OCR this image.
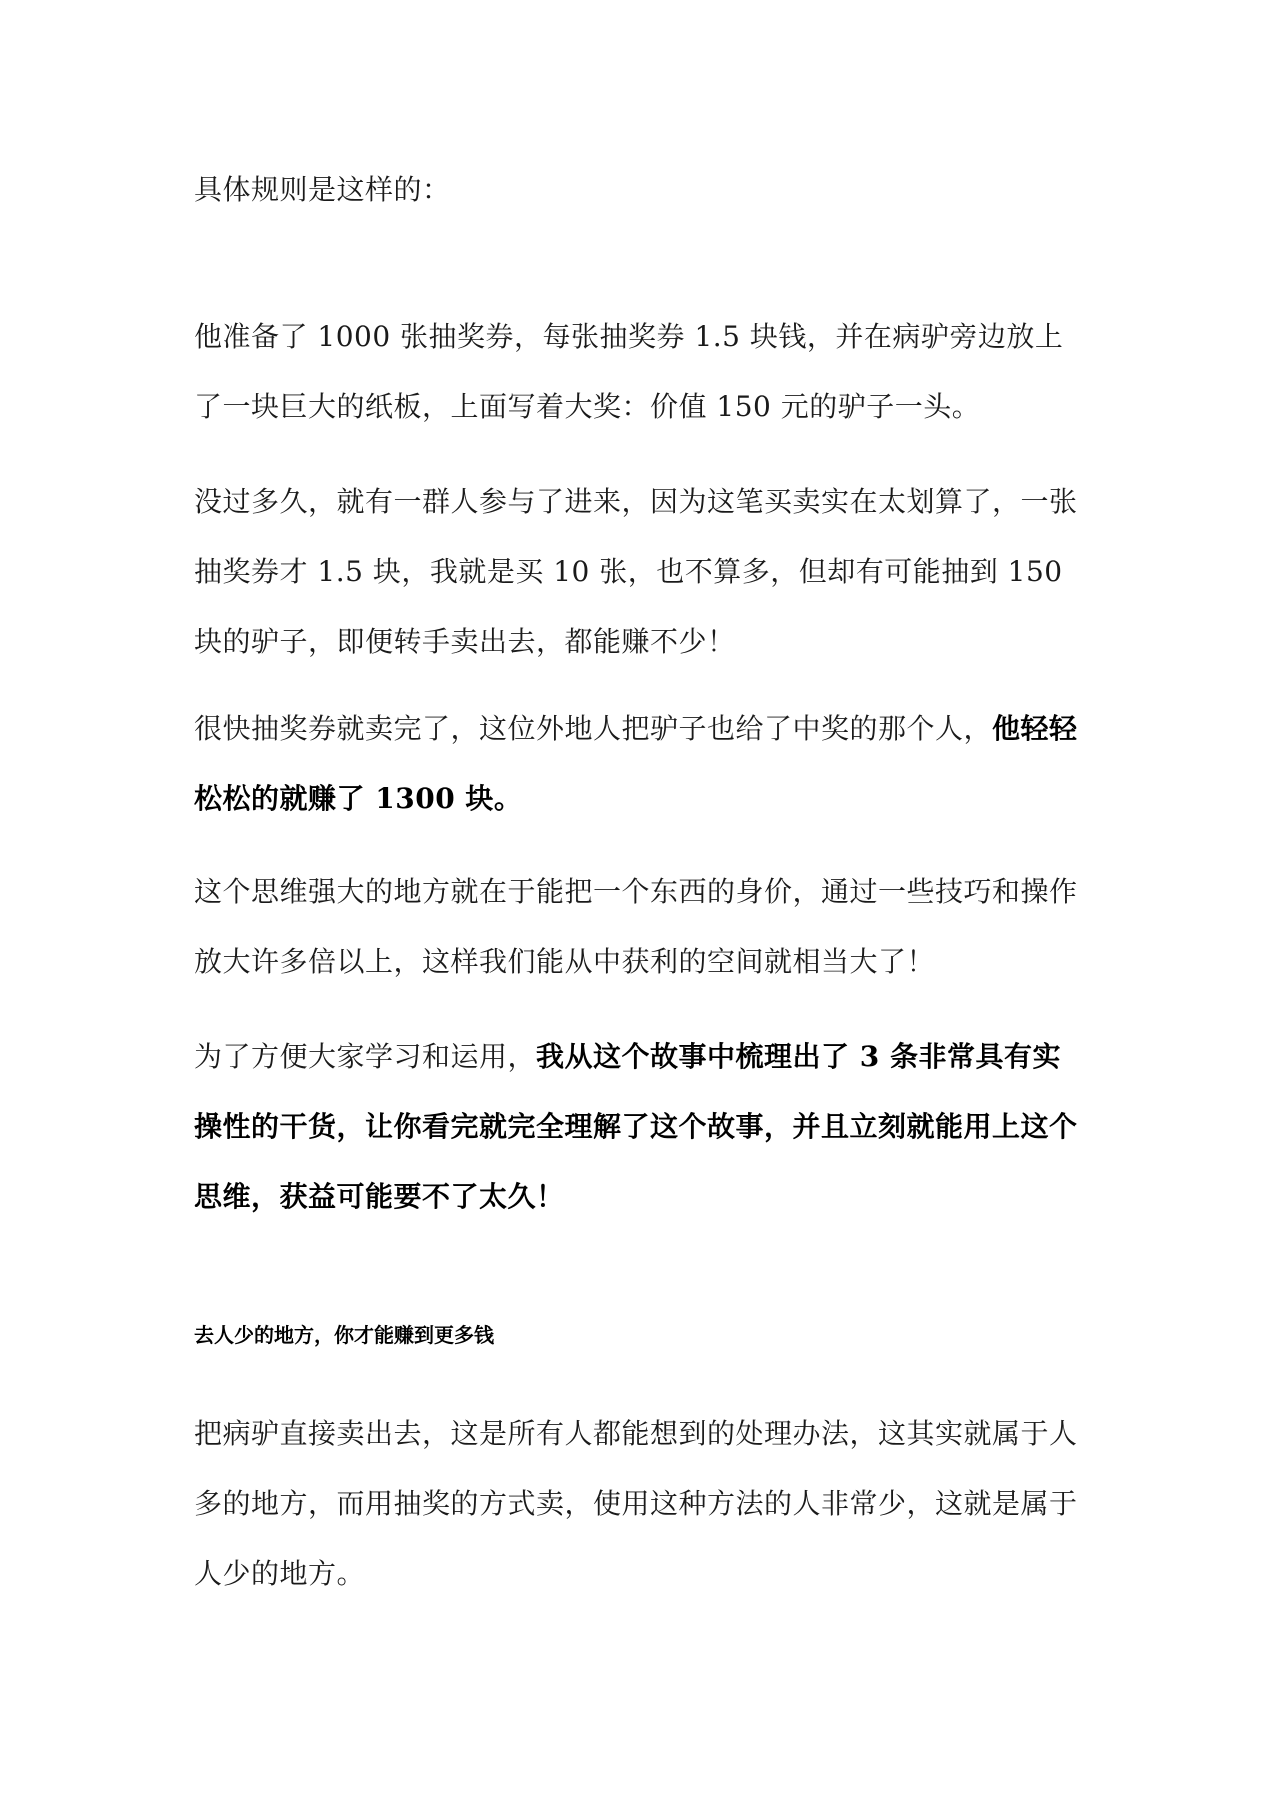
具体规则是这样的：

他准备了 1000 张抽奖券，每张抽奖券 1.5 块钱，并在病驴旁边放上了一块巨大的纸板，上面写着大奖：价值 150 元的驴子一头。

没过多久，就有一群人参与了进来，因为这笔买卖实在太划算了，一张抽奖券才 1.5 块，我就是买 10 张，也不算多，但却有可能抽到 150 块的驴子，即便转手卖出去，都能赚不少！

很快抽奖券就卖完了，这位外地人把驴子也给了中奖的那个人，他轻轻松松的就赚了 1300 块。

这个思维强大的地方就在于能把一个东西的身价，通过一些技巧和操作放大许多倍以上，这样我们能从中获利的空间就相当大了！

为了方便大家学习和运用，我从这个故事中梳理出了 3 条非常具有实操性的干货，让你看完就完全理解了这个故事，并且立刻就能用上这个思维，获益可能要不了太久！

去人少的地方，你才能赚到更多钱

把病驴直接卖出去，这是所有人都能想到的处理办法，这其实就属于人多的地方，而用抽奖的方式卖，使用这种方法的人非常少，这就是属于人少的地方。
